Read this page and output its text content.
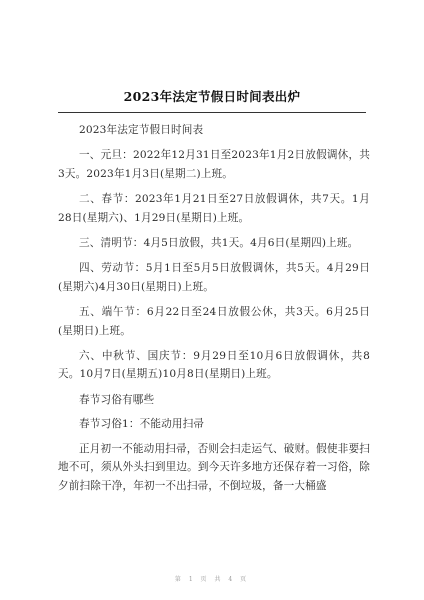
2023年法定节假日时间表出炉

2023年法定节假日时间表

一、元旦：2022年12月31日至2023年1月2日放假调休，共3天。2023年1月3日(星期二)上班。

二、春节：2023年1月21日至27日放假调休，共7天。1月28日(星期六)、1月29日(星期日)上班。

三、清明节：4月5日放假，共1天。4月6日(星期四)上班。

四、劳动节：5月1日至5月5日放假调休，共5天。4月29日(星期六)4月30日(星期日)上班。

五、端午节：6月22日至24日放假公休，共3天。6月25日(星期日)上班。

六、中秋节、国庆节：9月29日至10月6日放假调休，共8天。10月7日(星期五)10月8日(星期日)上班。

春节习俗有哪些

春节习俗1：不能动用扫帚

正月初一不能动用扫帚，否则会扫走运气、破财。假使非要扫地不可，须从外头扫到里边。到今天许多地方还保存着一习俗，除夕前扫除干净，年初一不出扫帚，不倒垃圾，备一大桶盛

第 1 页 共 4 页
